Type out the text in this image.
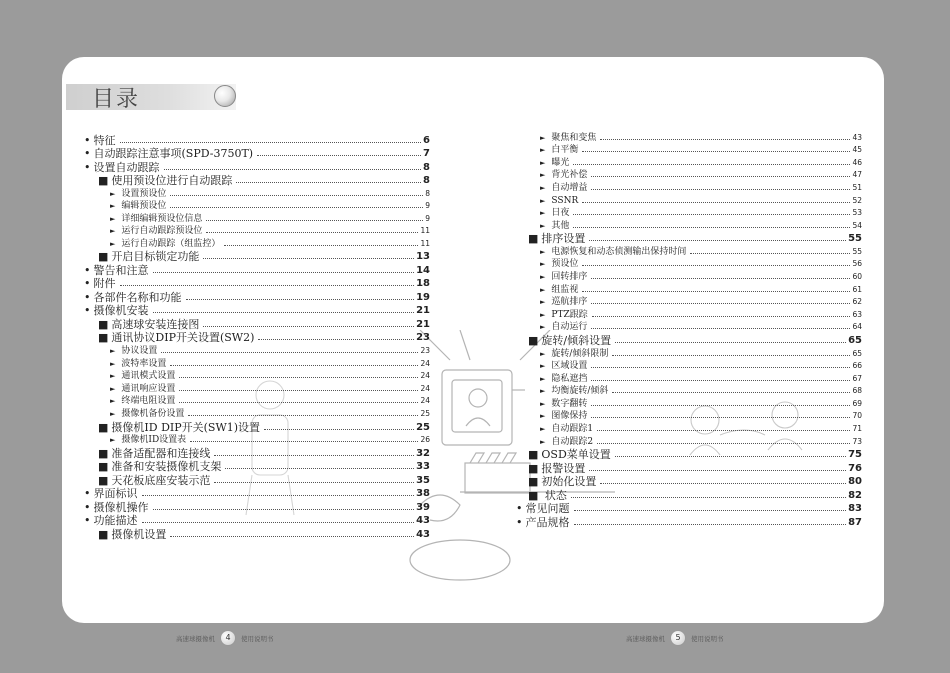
目录
• 特征	6
• 自动跟踪注意事项(SPD-3750T)	7
• 设置自动跟踪	8
■ 使用预设位进行自动跟踪	8
► 设置预设位	8
► 编辑预设位	9
► 详细编辑预设位信息	9
► 运行自动跟踪预设位	11
► 运行自动跟踪（组监控）	11
■ 开启目标锁定功能	13
• 警告和注意	14
• 附件	18
• 各部件名称和功能	19
• 摄像机安装	21
■ 高速球安装连接图	21
■ 通讯协议DIP开关设置(SW2)	23
► 协议设置	23
► 波特率设置	24
► 通讯模式设置	24
► 通讯响应设置	24
► 终端电阻设置	24
► 摄像机备份设置	25
■ 摄像机ID DIP开关(SW1)设置	25
► 摄像机ID设置表	26
■ 准备适配器和连接线	32
■ 准备和安装摄像机支架	33
■ 天花板底座安装示范	35
• 界面标识	38
• 摄像机操作	39
• 功能描述	43
■ 摄像机设置	43
► 聚焦和变焦	43
► 白平衡	45
► 曝光	46
► 背光补偿	47
► 自动增益	51
► SSNR	52
► 日夜	53
► 其他	54
■ 排序设置	55
► 电源恢复和动态侦测输出保持时间	55
► 预设位	56
► 回转排序	60
► 组监视	61
► 巡航排序	62
► PTZ跟踪	63
► 自动运行	64
■ 旋转/倾斜设置	65
► 旋转/倾斜限制	65
► 区域设置	66
► 隐私遮挡	67
► 均衡旋转/倾斜	68
► 数字翻转	69
► 图像保持	70
► 自动跟踪1	71
► 自动跟踪2	73
■ OSD菜单设置	75
■ 报警设置	76
■ 初始化设置	80
■ 状态	82
• 常见问题	83
• 产品规格	87
高速球摄像机	4	使用说明书	高速球摄像机	5	使用说明书
